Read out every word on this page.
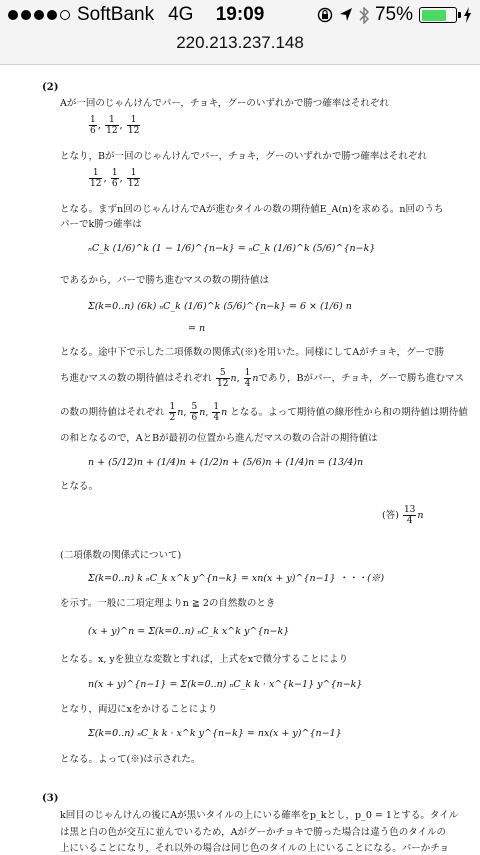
SoftBank 4G	19:09	75%
220.213.237.148
(2)
Aが一回のじゃんけんでパー，チョキ，グーのいずれかで勝つ確率はそれぞれ
$\frac{1}{6}$ , $\frac{1}{12}$ , $\frac{1}{12}$
となり，Bが一回のじゃんけんでパー，チョキ，グーのいずれかで勝つ確率はそれぞれ
$\frac{1}{12}$ , $\frac{1}{6}$ , $\frac{1}{12}$
となる。まずn回のじゃんけんでAが進むタイルの数の期待値E_A(n)を求める。n回のうち
パーでk勝つ確率は
ₙC_k (1/6)^k (1 − 1/6)^{n−k} = ₙC_k (1/6)^k (5/6)^{n−k}
であるから，パーで勝ち進むマスの数の期待値は
Σ(k=0..n) (6k) ₙC_k (1/6)^k (5/6)^{n−k} = 6 × (1/6) n
= n
となる。途中下で示した二項係数の関係式(※)を用いた。同様にしてAがチョキ，グーで勝
ち進むマスの数の期待値はそれぞれ $\frac{5}{12} n$, $\frac{1}{4}$ nであり，Bがパー，チョキ，グーで勝ち進むマス
の数の期待値はそれぞれ $\frac{1}{2} n$, $\frac{5}{6} n$, $\frac{1}{4}$ n となる。よって期待値の線形性から和の期待値は期待値
の和となるので，AとBが最初の位置から進んだマスの数の合計の期待値は
n + (5/12)n + (1/4)n + (1/2)n + (5/6)n + (1/4)n = (13/4)n
となる。
(答) $\frac{13}{4}$ n
(二項係数の関係式について)
Σ(k=0..n) k ₙC_k x^k y^{n−k} = xn(x + y)^{n−1} ・・・(※)
を示す。一般に二項定理よりn ≧ 2の自然数のとき
(x + y)^n = Σ(k=0..n) ₙC_k x^k y^{n−k}
となる。x, yを独立な変数とすれば，上式をxで微分することにより
n(x + y)^{n−1} = Σ(k=0..n) ₙC_k k · x^{k−1} y^{n−k}
となり，両辺にxをかけることにより
Σ(k=0..n) ₙC_k k · x^k y^{n−k} = nx(x + y)^{n−1}
となる。よって(※)は示された。
(3)
k回目のじゃんけんの後にAが黒いタイルの上にいる確率をp_kとし，p_0 = 1とする。タイル
は黒と白の色が交互に並んでいるため，Aがグーかチョキで勝った場合は違う色のタイルの
上にいることになり，それ以外の場合は同じ色のタイルの上にいることになる。パーかチョ
